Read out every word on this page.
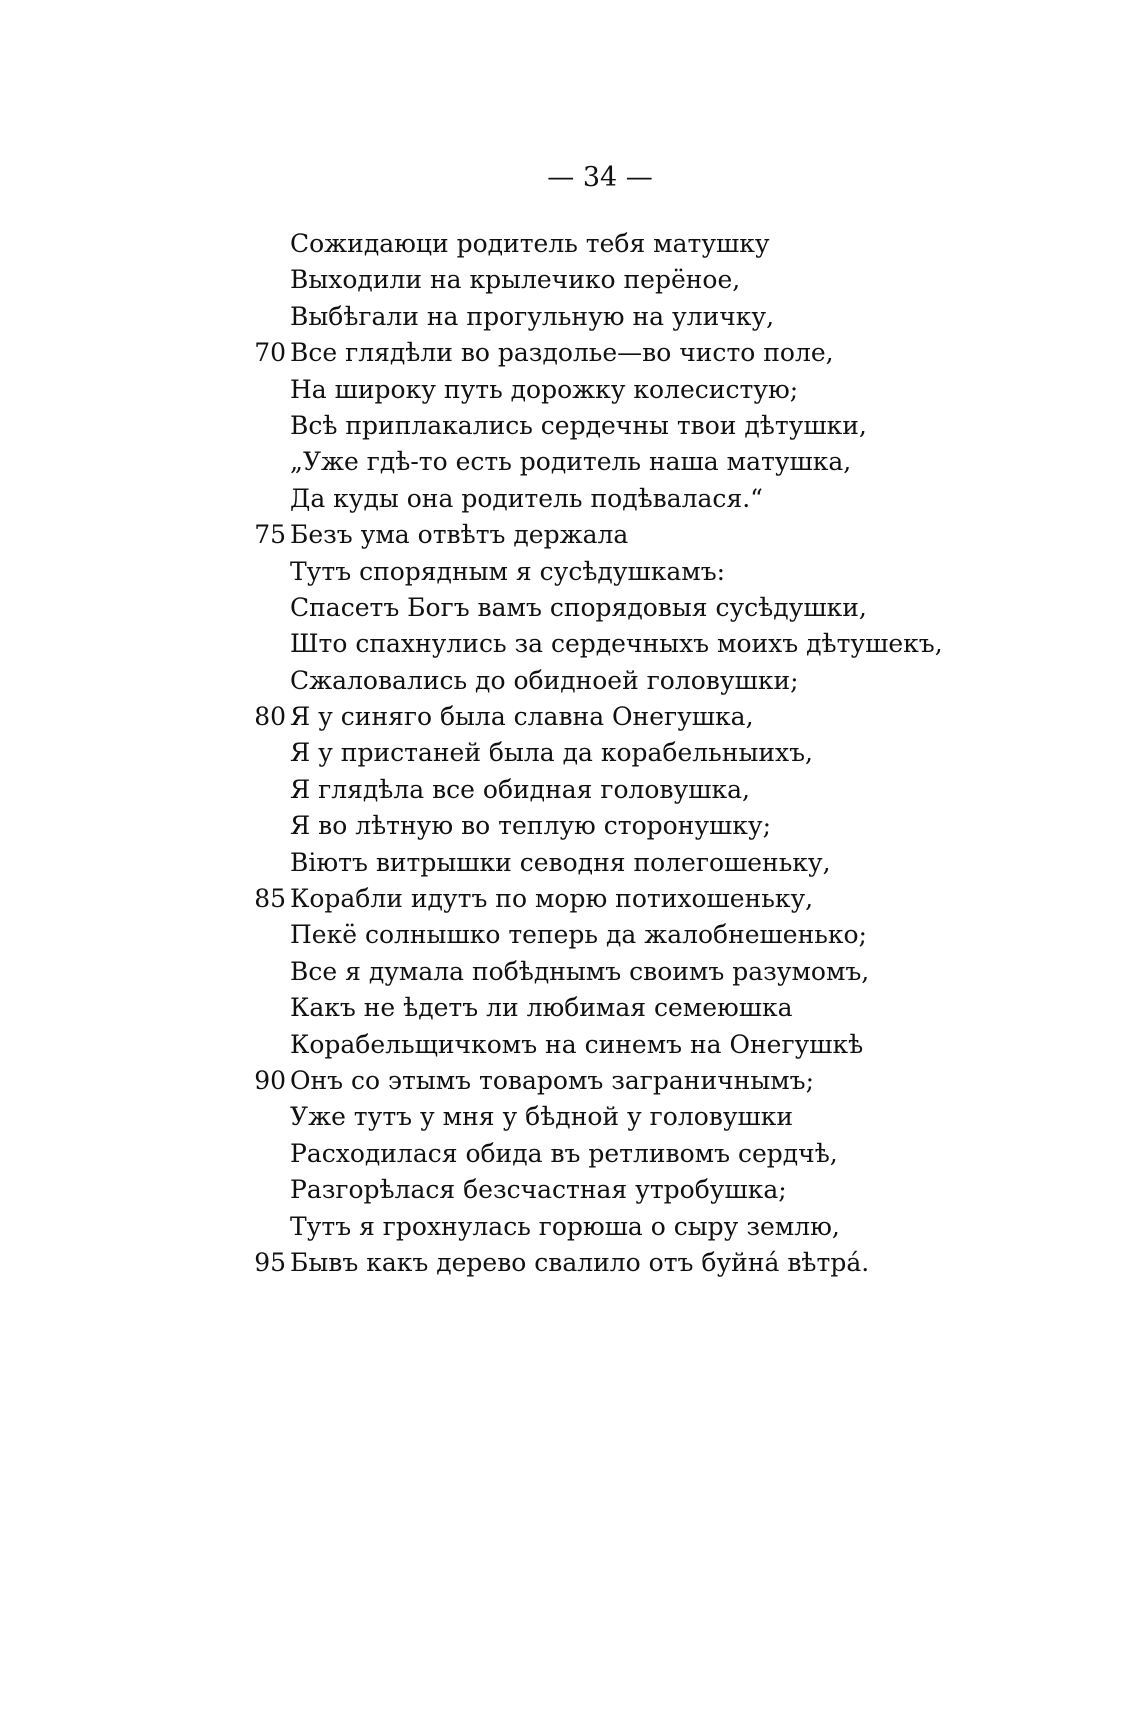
— 34 —
Сожидаюци родитель тебя матушку
Выходили на крылечико перёное,
Выбѣгали на прогульную на уличку,
70 Все глядѣли во раздолье—во чисто поле,
На широку путь дорожку колесистую;
Всѣ приплакались сердечны твои дѣтушки,
„Уже гдѣ-то есть родитель наша матушка,
Да куды она родитель подѣвалася.“
75 Безъ ума отвѣтъ держала
Тутъ спорядным я сусѣдушкамъ:
Спасетъ Богъ вамъ спорядовыя сусѣдушки,
Што спахнулись за сердечныхъ моихъ дѣтушекъ,
Сжаловались до обидноей головушки;
80 Я у синяго была славна Онегушка,
Я у пристаней была да корабельныихъ,
Я глядѣла все обидная головушка,
Я во лѣтную во теплую сторонушку;
Віютъ витрышки севодня полегошеньку,
85 Корабли идутъ по морю потихошеньку,
Пекё солнышко теперь да жалобнешенько;
Все я думала побѣднымъ своимъ разумомъ,
Какъ не ѣдетъ ли любимая семеюшка
Корабельщичкомъ на синемъ на Онегушкѣ
90 Онъ со этымъ товаромъ заграничнымъ;
Уже тутъ у мня у бѣдной у головушки
Расходилася обида въ ретливомъ сердчѣ,
Разгорѣлася безсчастная утробушка;
Тутъ я грохнулась горюша о сыру землю,
95 Бывъ какъ дерево свалило отъ буйна́ вѣтра́.
